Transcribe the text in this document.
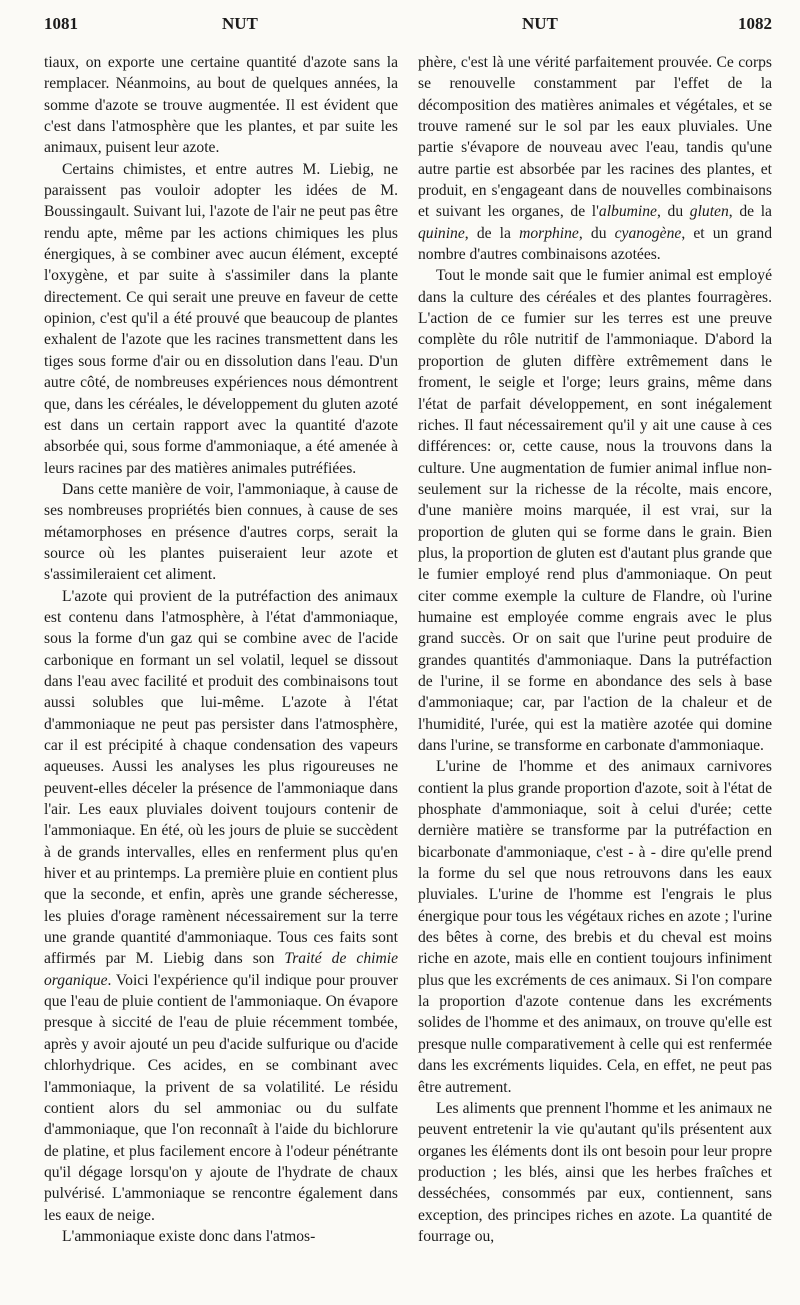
1081	NUT	NUT	1082

tiaux, on exporte une certaine quantité d'azote sans la remplacer. Néanmoins, au bout de quelques années, la somme d'azote se trouve augmentée. Il est évident que c'est dans l'atmosphère que les plantes, et par suite les animaux, puisent leur azote.

Certains chimistes, et entre autres M. Liebig, ne paraissent pas vouloir adopter les idées de M. Boussingault. Suivant lui, l'azote de l'air ne peut pas être rendu apte, même par les actions chimiques les plus énergiques, à se combiner avec aucun élément, excepté l'oxygène, et par suite à s'assimiler dans la plante directement. Ce qui serait une preuve en faveur de cette opinion, c'est qu'il a été prouvé que beaucoup de plantes exhalent de l'azote que les racines transmettent dans les tiges sous forme d'air ou en dissolution dans l'eau. D'un autre côté, de nombreuses expériences nous démontrent que, dans les céréales, le développement du gluten azoté est dans un certain rapport avec la quantité d'azote absorbée qui, sous forme d'ammoniaque, a été amenée à leurs racines par des matières animales putréfiées.

Dans cette manière de voir, l'ammoniaque, à cause de ses nombreuses propriétés bien connues, à cause de ses métamorphoses en présence d'autres corps, serait la source où les plantes puiseraient leur azote et s'assimileraient cet aliment.

L'azote qui provient de la putréfaction des animaux est contenu dans l'atmosphère, à l'état d'ammoniaque, sous la forme d'un gaz qui se combine avec de l'acide carbonique en formant un sel volatil, lequel se dissout dans l'eau avec facilité et produit des combinaisons tout aussi solubles que lui-même. L'azote à l'état d'ammoniaque ne peut pas persister dans l'atmosphère, car il est précipité à chaque condensation des vapeurs aqueuses. Aussi les analyses les plus rigoureuses ne peuvent-elles déceler la présence de l'ammoniaque dans l'air. Les eaux pluviales doivent toujours contenir de l'ammoniaque. En été, où les jours de pluie se succèdent à de grands intervalles, elles en renferment plus qu'en hiver et au printemps. La première pluie en contient plus que la seconde, et enfin, après une grande sécheresse, les pluies d'orage ramènent nécessairement sur la terre une grande quantité d'ammoniaque. Tous ces faits sont affirmés par M. Liebig dans son Traité de chimie organique. Voici l'expérience qu'il indique pour prouver que l'eau de pluie contient de l'ammoniaque. On évapore presque à siccité de l'eau de pluie récemment tombée, après y avoir ajouté un peu d'acide sulfurique ou d'acide chlorhydrique. Ces acides, en se combinant avec l'ammoniaque, la privent de sa volatilité. Le résidu contient alors du sel ammoniac ou du sulfate d'ammoniaque, que l'on reconnaît à l'aide du bichlorure de platine, et plus facilement encore à l'odeur pénétrante qu'il dégage lorsqu'on y ajoute de l'hydrate de chaux pulvérisé. L'ammoniaque se rencontre également dans les eaux de neige.

L'ammoniaque existe donc dans l'atmos-

phère, c'est là une vérité parfaitement prouvée. Ce corps se renouvelle constamment par l'effet de la décomposition des matières animales et végétales, et se trouve ramené sur le sol par les eaux pluviales. Une partie s'évapore de nouveau avec l'eau, tandis qu'une autre partie est absorbée par les racines des plantes, et produit, en s'engageant dans de nouvelles combinaisons et suivant les organes, de l'albumine, du gluten, de la quinine, de la morphine, du cyanogène, et un grand nombre d'autres combinaisons azotées.

Tout le monde sait que le fumier animal est employé dans la culture des céréales et des plantes fourragères. L'action de ce fumier sur les terres est une preuve complète du rôle nutritif de l'ammoniaque. D'abord la proportion de gluten diffère extrêmement dans le froment, le seigle et l'orge; leurs grains, même dans l'état de parfait développement, en sont inégalement riches. Il faut nécessairement qu'il y ait une cause à ces différences: or, cette cause, nous la trouvons dans la culture. Une augmentation de fumier animal influe non-seulement sur la richesse de la récolte, mais encore, d'une manière moins marquée, il est vrai, sur la proportion de gluten qui se forme dans le grain. Bien plus, la proportion de gluten est d'autant plus grande que le fumier employé rend plus d'ammoniaque. On peut citer comme exemple la culture de Flandre, où l'urine humaine est employée comme engrais avec le plus grand succès. Or on sait que l'urine peut produire de grandes quantités d'ammoniaque. Dans la putréfaction de l'urine, il se forme en abondance des sels à base d'ammoniaque; car, par l'action de la chaleur et de l'humidité, l'urée, qui est la matière azotée qui domine dans l'urine, se transforme en carbonate d'ammoniaque.

L'urine de l'homme et des animaux carnivores contient la plus grande proportion d'azote, soit à l'état de phosphate d'ammoniaque, soit à celui d'urée; cette dernière matière se transforme par la putréfaction en bicarbonate d'ammoniaque, c'est - à - dire qu'elle prend la forme du sel que nous retrouvons dans les eaux pluviales. L'urine de l'homme est l'engrais le plus énergique pour tous les végétaux riches en azote ; l'urine des bêtes à corne, des brebis et du cheval est moins riche en azote, mais elle en contient toujours infiniment plus que les excréments de ces animaux. Si l'on compare la proportion d'azote contenue dans les excréments solides de l'homme et des animaux, on trouve qu'elle est presque nulle comparativement à celle qui est renfermée dans les excréments liquides. Cela, en effet, ne peut pas être autrement.

Les aliments que prennent l'homme et les animaux ne peuvent entretenir la vie qu'autant qu'ils présentent aux organes les éléments dont ils ont besoin pour leur propre production ; les blés, ainsi que les herbes fraîches et desséchées, consommés par eux, contiennent, sans exception, des principes riches en azote. La quantité de fourrage ou,
